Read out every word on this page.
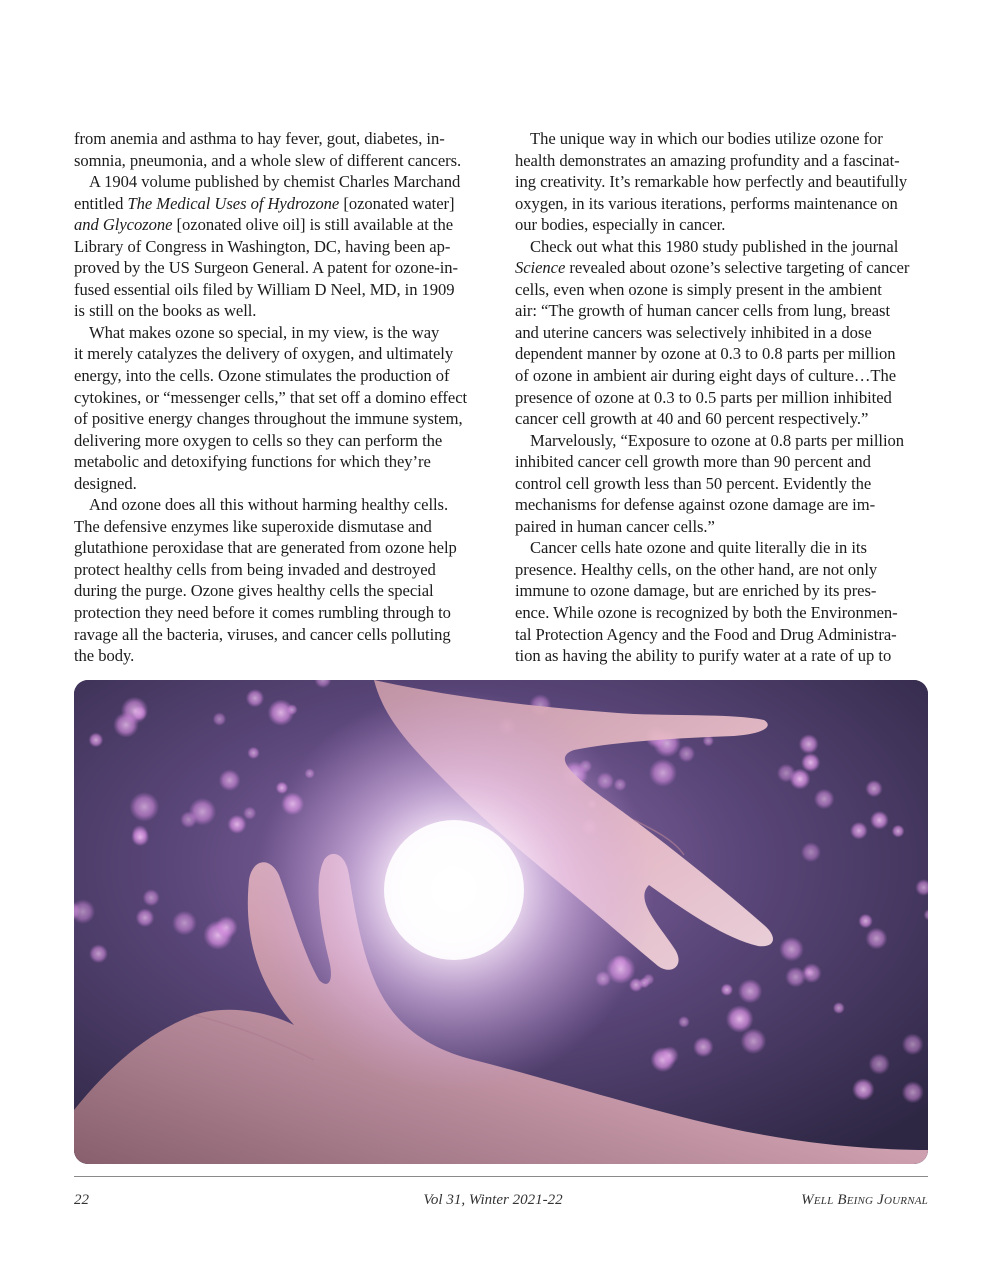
from anemia and asthma to hay fever, gout, diabetes, in-
somnia, pneumonia, and a whole slew of different cancers.
A 1904 volume published by chemist Charles Marchand
entitled The Medical Uses of Hydrozone [ozonated water]
and Glycozone [ozonated olive oil] is still available at the
Library of Congress in Washington, DC, having been ap-
proved by the US Surgeon General. A patent for ozone-in-
fused essential oils filed by William D Neel, MD, in 1909
is still on the books as well.
What makes ozone so special, in my view, is the way
it merely catalyzes the delivery of oxygen, and ultimately
energy, into the cells. Ozone stimulates the production of
cytokines, or “messenger cells,” that set off a domino effect
of positive energy changes throughout the immune system,
delivering more oxygen to cells so they can perform the
metabolic and detoxifying functions for which they’re
designed.
And ozone does all this without harming healthy cells.
The defensive enzymes like superoxide dismutase and
glutathione peroxidase that are generated from ozone help
protect healthy cells from being invaded and destroyed
during the purge. Ozone gives healthy cells the special
protection they need before it comes rumbling through to
ravage all the bacteria, viruses, and cancer cells polluting
the body.
The unique way in which our bodies utilize ozone for
health demonstrates an amazing profundity and a fascinat-
ing creativity. It’s remarkable how perfectly and beautifully
oxygen, in its various iterations, performs maintenance on
our bodies, especially in cancer.
Check out what this 1980 study published in the journal
Science revealed about ozone’s selective targeting of cancer
cells, even when ozone is simply present in the ambient
air: “The growth of human cancer cells from lung, breast
and uterine cancers was selectively inhibited in a dose
dependent manner by ozone at 0.3 to 0.8 parts per million
of ozone in ambient air during eight days of culture…The
presence of ozone at 0.3 to 0.5 parts per million inhibited
cancer cell growth at 40 and 60 percent respectively.”
Marvelously, “Exposure to ozone at 0.8 parts per million
inhibited cancer cell growth more than 90 percent and
control cell growth less than 50 percent. Evidently the
mechanisms for defense against ozone damage are im-
paired in human cancer cells.”
Cancer cells hate ozone and quite literally die in its
presence. Healthy cells, on the other hand, are not only
immune to ozone damage, but are enriched by its pres-
ence. While ozone is recognized by both the Environmen-
tal Protection Agency and the Food and Drug Administra-
tion as having the ability to purify water at a rate of up to
22	Vol 31, Winter 2021-22	Well Being Journal
